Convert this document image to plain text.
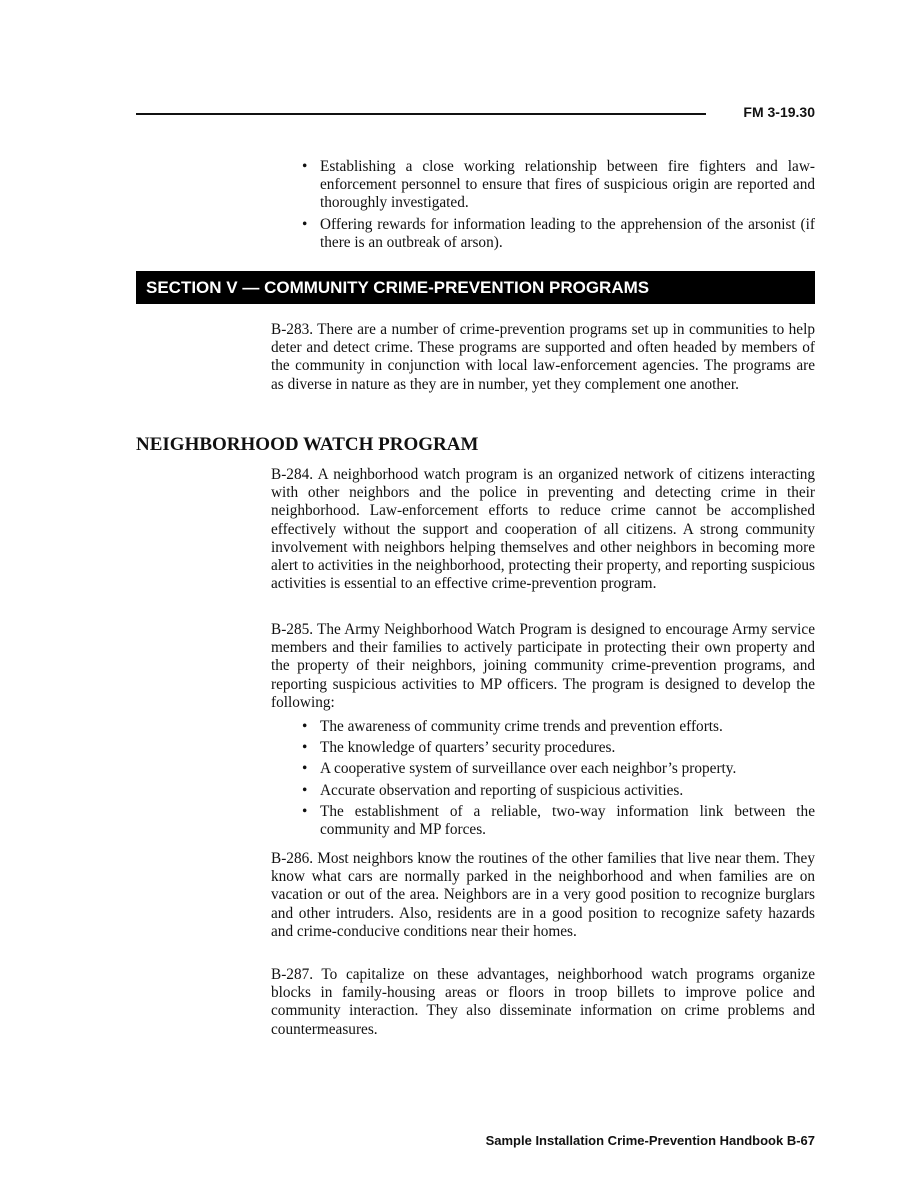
FM 3-19.30
• Establishing a close working relationship between fire fighters and law-enforcement personnel to ensure that fires of suspicious origin are reported and thoroughly investigated.
• Offering rewards for information leading to the apprehension of the arsonist (if there is an outbreak of arson).
SECTION V — COMMUNITY CRIME-PREVENTION PROGRAMS

B-283. There are a number of crime-prevention programs set up in communities to help deter and detect crime. These programs are supported and often headed by members of the community in conjunction with local law-enforcement agencies. The programs are as diverse in nature as they are in number, yet they complement one another.

NEIGHBORHOOD WATCH PROGRAM

B-284. A neighborhood watch program is an organized network of citizens interacting with other neighbors and the police in preventing and detecting crime in their neighborhood. Law-enforcement efforts to reduce crime cannot be accomplished effectively without the support and cooperation of all citizens. A strong community involvement with neighbors helping themselves and other neighbors in becoming more alert to activities in the neighborhood, protecting their property, and reporting suspicious activities is essential to an effective crime-prevention program.

B-285. The Army Neighborhood Watch Program is designed to encourage Army service members and their families to actively participate in protecting their own property and the property of their neighbors, joining community crime-prevention programs, and reporting suspicious activities to MP officers. The program is designed to develop the following:

• The awareness of community crime trends and prevention efforts.
• The knowledge of quarters’ security procedures.
• A cooperative system of surveillance over each neighbor’s property.
• Accurate observation and reporting of suspicious activities.
• The establishment of a reliable, two-way information link between the community and MP forces.

B-286. Most neighbors know the routines of the other families that live near them. They know what cars are normally parked in the neighborhood and when families are on vacation or out of the area. Neighbors are in a very good position to recognize burglars and other intruders. Also, residents are in a good position to recognize safety hazards and crime-conducive conditions near their homes.

B-287. To capitalize on these advantages, neighborhood watch programs organize blocks in family-housing areas or floors in troop billets to improve police and community interaction. They also disseminate information on crime problems and countermeasures.

Sample Installation Crime-Prevention Handbook B-67
